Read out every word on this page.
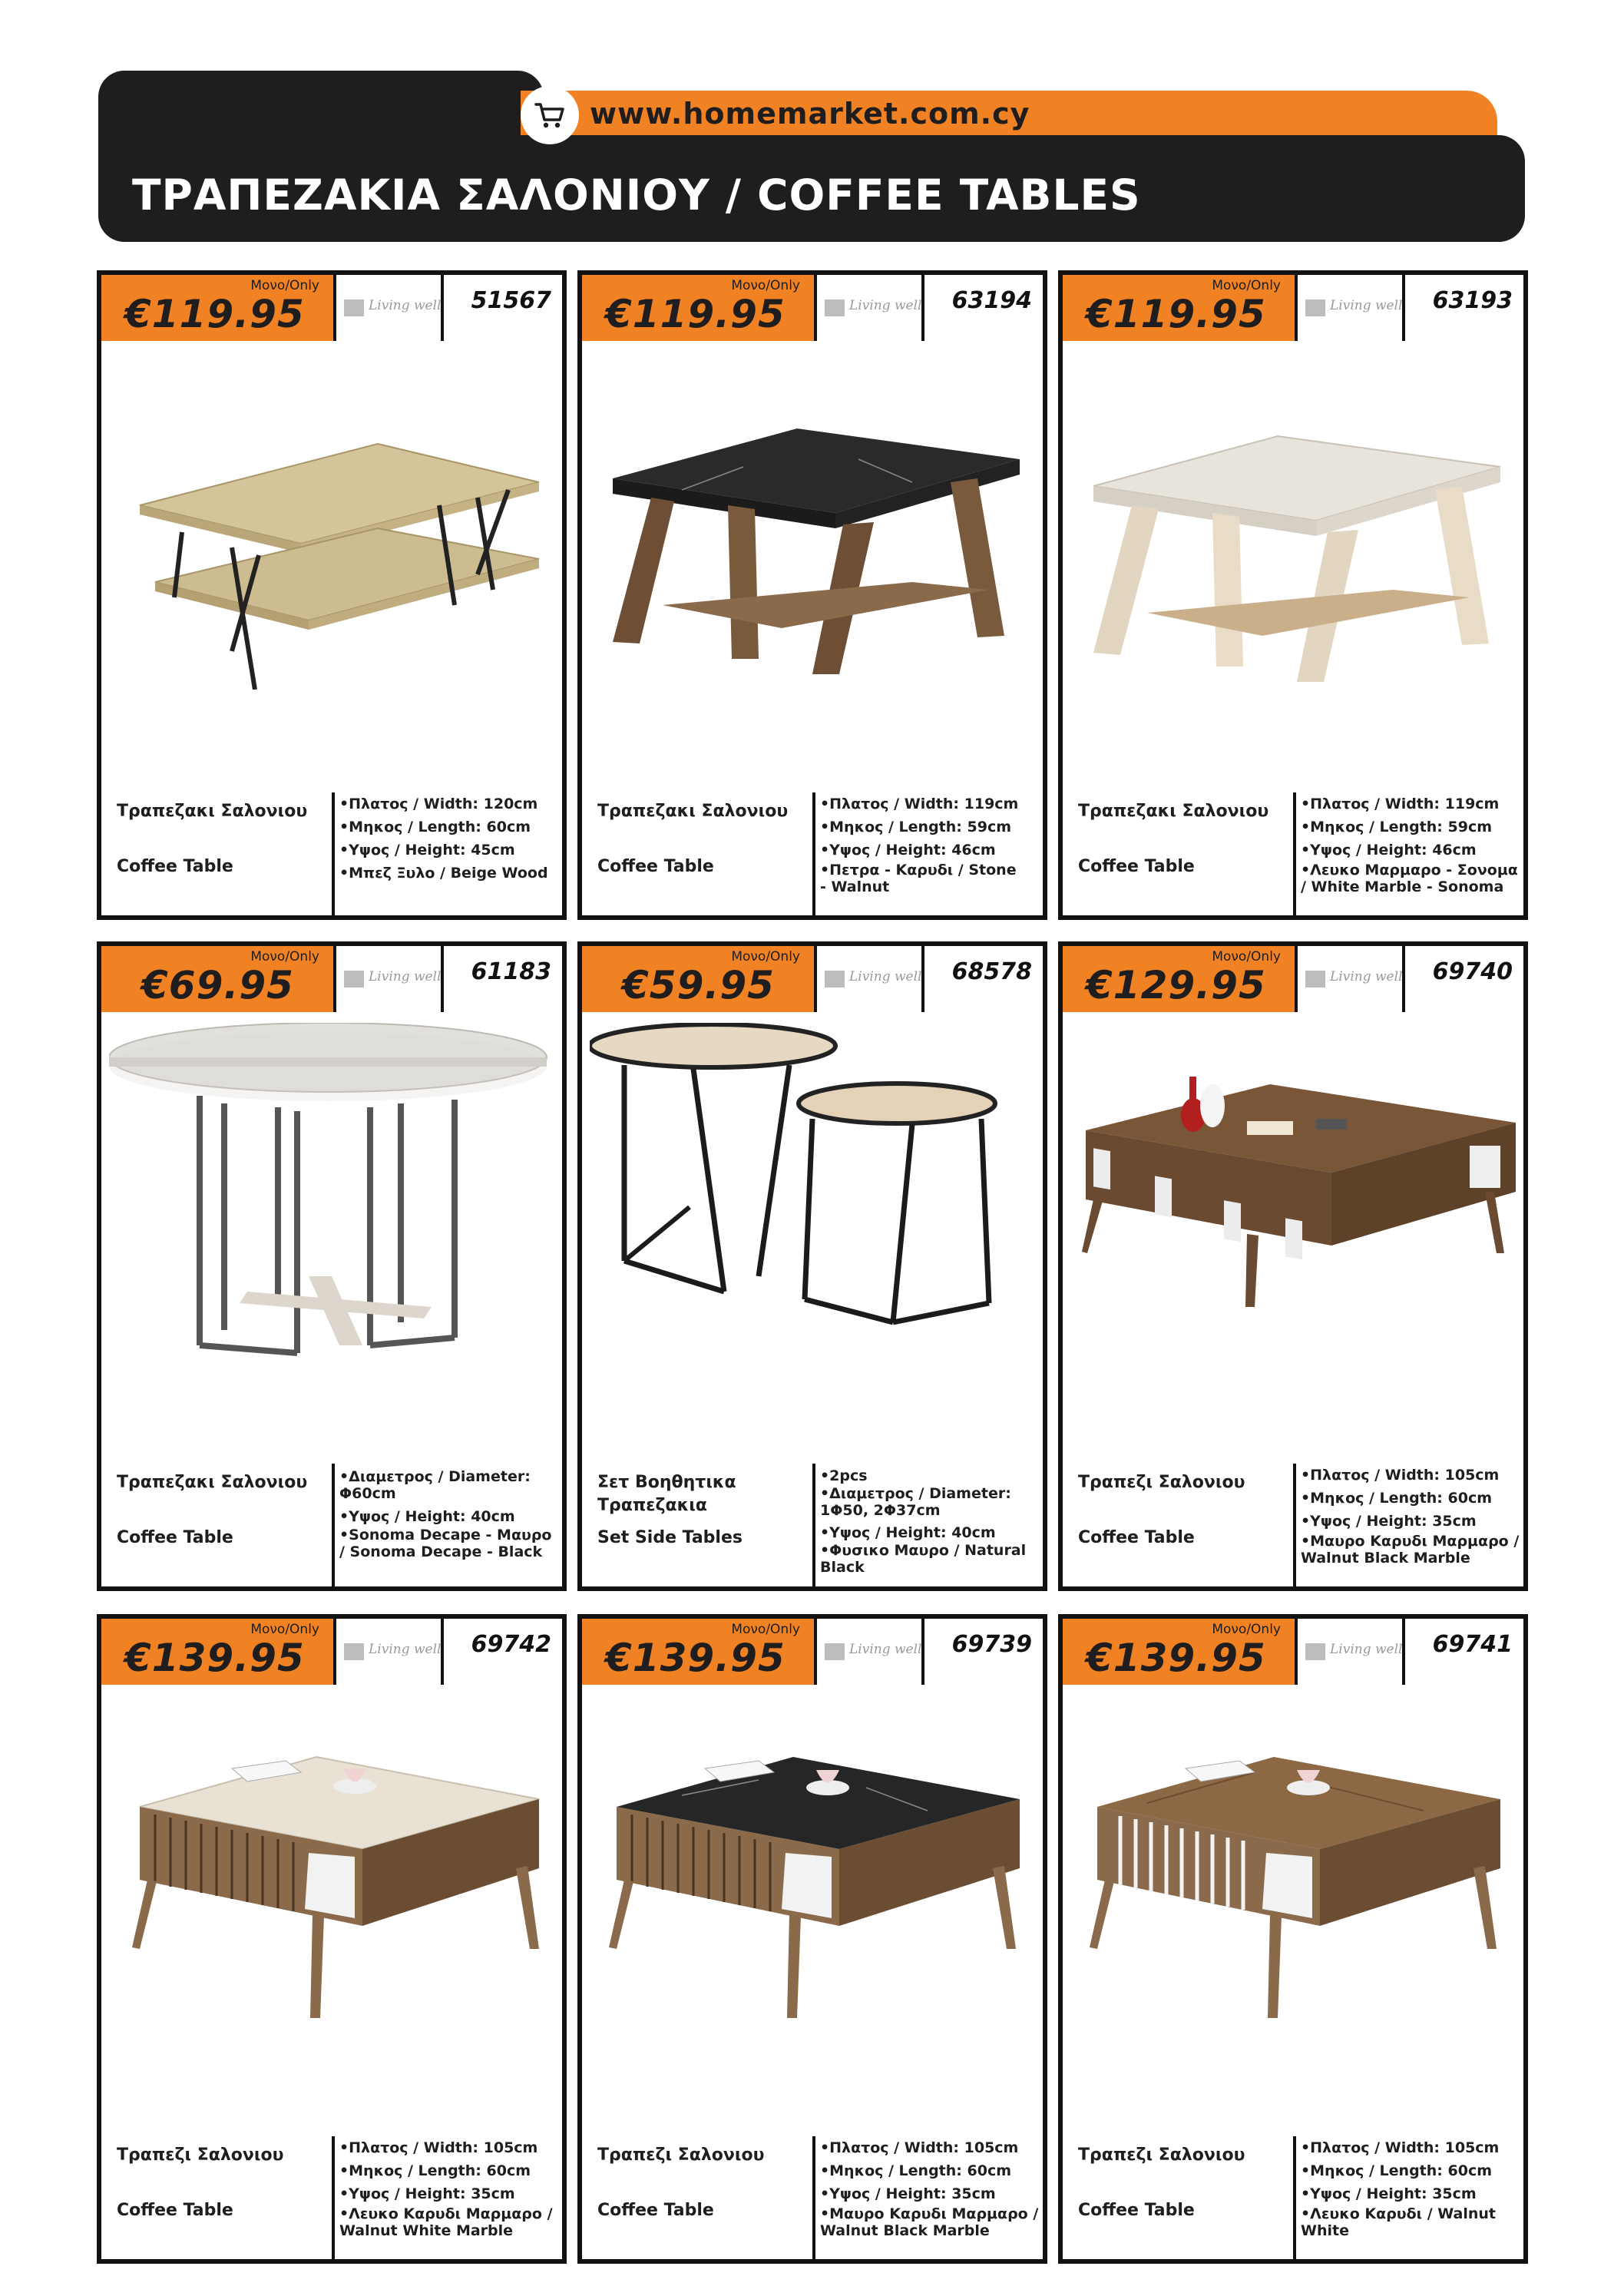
www.homemarket.com.cy
ΤΡΑΠΕΖΑΚΙΑ ΣΑΛΟΝΙΟΥ / COFFEE TABLES
Μονο/Only
€119.95	Living well 51567
Τραπεζακι Σαλονιου
Coffee Table
•Πλατος / Width: 120cm
•Μηκος / Length: 60cm
•Υψος / Height: 45cm
•Μπεζ Ξυλο / Beige Wood
Μονο/Only
€119.95	Living well 63194
Τραπεζακι Σαλονιου
Coffee Table
•Πλατος / Width: 119cm
•Μηκος / Length: 59cm
•Υψος / Height: 46cm
•Πετρα - Καρυδι / Stone - Walnut
Μονο/Only
€119.95	Living well 63193
Τραπεζακι Σαλονιου
Coffee Table
•Πλατος / Width: 119cm
•Μηκος / Length: 59cm
•Υψος / Height: 46cm
•Λευκο Μαρμαρο - Σονομα / White Marble - Sonoma
Μονο/Only
€69.95	Living well 61183
Τραπεζακι Σαλονιου
Coffee Table
•Διαμετρος / Diameter: Φ60cm
•Υψος / Height: 40cm
•Sonoma Decape - Μαυρο / Sonoma Decape - Black
Μονο/Only
€59.95	Living well 68578
Σετ Βοηθητικα Τραπεζακια
Set Side Tables
•2pcs
•Διαμετρος / Diameter: 1Φ50, 2Φ37cm
•Υψος / Height: 40cm
•Φυσικο Μαυρο / Natural Black
Μονο/Only
€129.95	Living well 69740
Τραπεζι Σαλονιου
Coffee Table
•Πλατος / Width: 105cm
•Μηκος / Length: 60cm
•Υψος / Height: 35cm
•Μαυρο Καρυδι Μαρμαρο / Walnut Black Marble
Μονο/Only
€139.95	Living well 69742
Τραπεζι Σαλονιου
Coffee Table
•Πλατος / Width: 105cm
•Μηκος / Length: 60cm
•Υψος / Height: 35cm
•Λευκο Καρυδι Μαρμαρο / Walnut White Marble
Μονο/Only
€139.95	Living well 69739
Τραπεζι Σαλονιου
Coffee Table
•Πλατος / Width: 105cm
•Μηκος / Length: 60cm
•Υψος / Height: 35cm
•Μαυρο Καρυδι Μαρμαρο / Walnut Black Marble
Μονο/Only
€139.95	Living well 69741
Τραπεζι Σαλονιου
Coffee Table
•Πλατος / Width: 105cm
•Μηκος / Length: 60cm
•Υψος / Height: 35cm
•Λευκο Καρυδι / Walnut White
